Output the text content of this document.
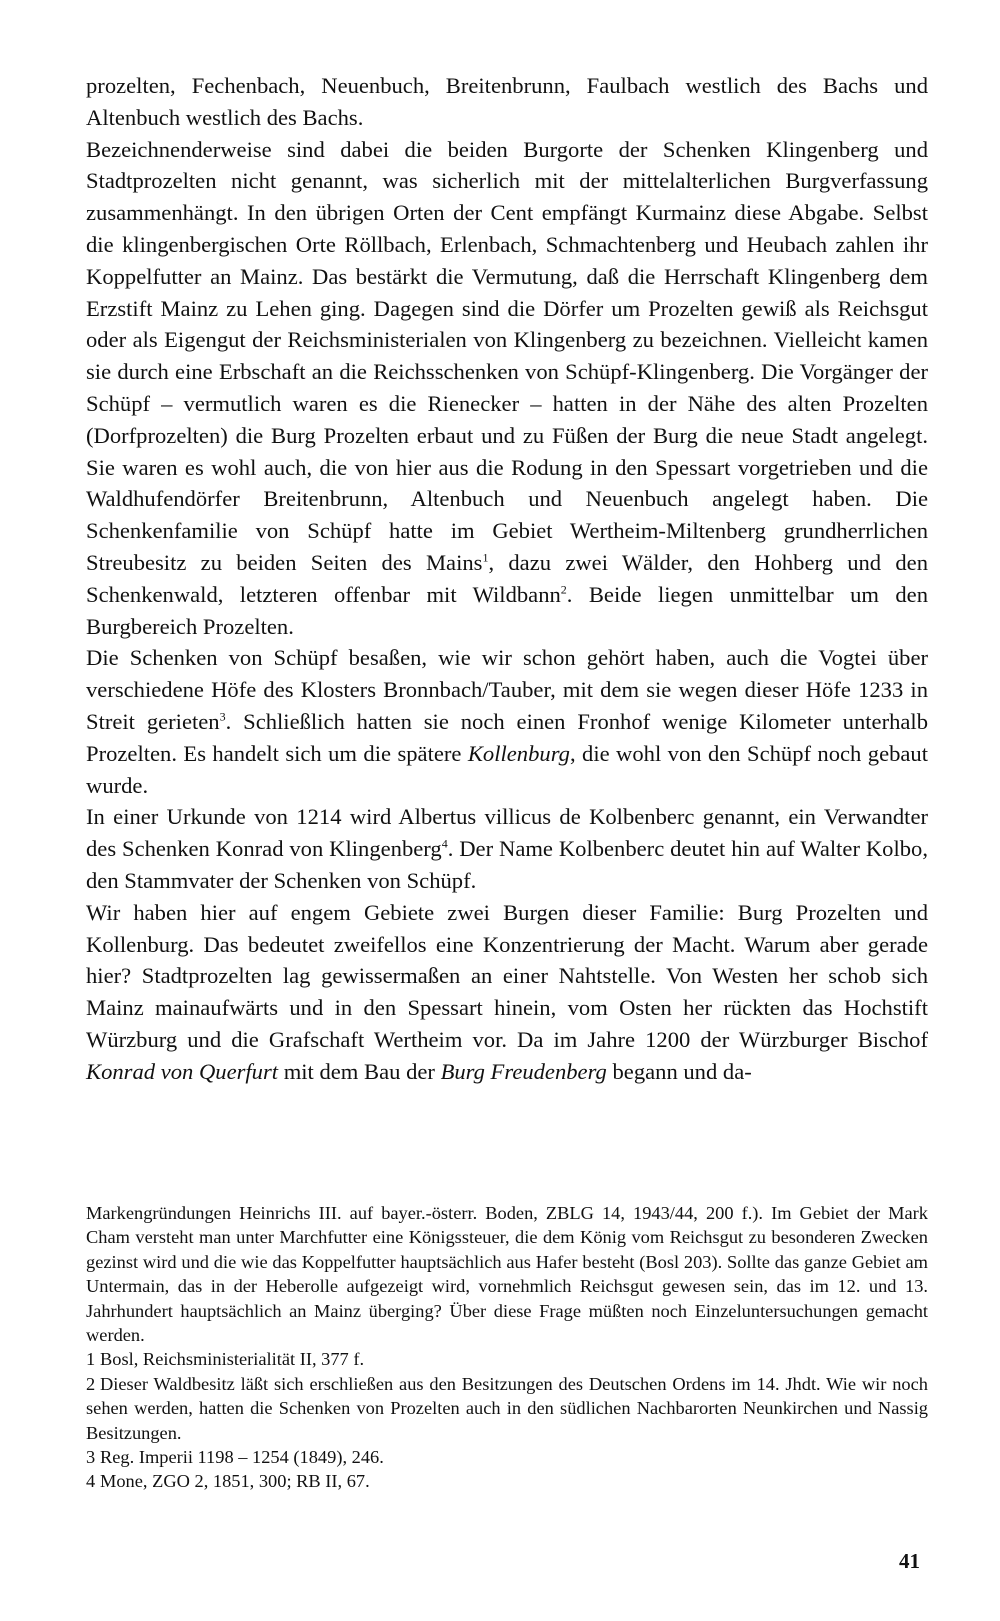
prozelten, Fechenbach, Neuenbuch, Breitenbrunn, Faulbach westlich des Bachs und Altenbuch westlich des Bachs.

Bezeichnenderweise sind dabei die beiden Burgorte der Schenken Klingenberg und Stadtprozelten nicht genannt, was sicherlich mit der mittelalterlichen Burgverfassung zusammenhängt. In den übrigen Orten der Cent empfängt Kurmainz diese Abgabe. Selbst die klingenbergischen Orte Röllbach, Erlenbach, Schmachtenberg und Heubach zahlen ihr Koppelfutter an Mainz. Das bestärkt die Vermutung, daß die Herrschaft Klingenberg dem Erzstift Mainz zu Lehen ging. Dagegen sind die Dörfer um Prozelten gewiß als Reichsgut oder als Eigengut der Reichsministerialen von Klingenberg zu bezeichnen. Vielleicht kamen sie durch eine Erbschaft an die Reichsschenken von Schüpf-Klingenberg. Die Vorgänger der Schüpf – vermutlich waren es die Rienecker – hatten in der Nähe des alten Prozelten (Dorfprozelten) die Burg Prozelten erbaut und zu Füßen der Burg die neue Stadt angelegt. Sie waren es wohl auch, die von hier aus die Rodung in den Spessart vorgetrieben und die Waldhufendörfer Breitenbrunn, Altenbuch und Neuenbuch angelegt haben. Die Schenkenfamilie von Schüpf hatte im Gebiet Wertheim-Miltenberg grundherrlichen Streubesitz zu beiden Seiten des Mains$^1$, dazu zwei Wälder, den Hohberg und den Schenkenwald, letzteren offenbar mit Wildbann$^2$. Beide liegen unmittelbar um den Burgbereich Prozelten.

Die Schenken von Schüpf besaßen, wie wir schon gehört haben, auch die Vogtei über verschiedene Höfe des Klosters Bronnbach/Tauber, mit dem sie wegen dieser Höfe 1233 in Streit gerieten$^3$. Schließlich hatten sie noch einen Fronhof wenige Kilometer unterhalb Prozelten. Es handelt sich um die spätere Kollenburg, die wohl von den Schüpf noch gebaut wurde.

In einer Urkunde von 1214 wird Albertus villicus de Kolbenberc genannt, ein Verwandter des Schenken Konrad von Klingenberg$^4$. Der Name Kolbenberc deutet hin auf Walter Kolbo, den Stammvater der Schenken von Schüpf.

Wir haben hier auf engem Gebiete zwei Burgen dieser Familie: Burg Prozelten und Kollenburg. Das bedeutet zweifellos eine Konzentrierung der Macht. Warum aber gerade hier? Stadtprozelten lag gewissermaßen an einer Nahtstelle. Von Westen her schob sich Mainz mainaufwärts und in den Spessart hinein, vom Osten her rückten das Hochstift Würzburg und die Grafschaft Wertheim vor. Da im Jahre 1200 der Würzburger Bischof Konrad von Querfurt mit dem Bau der Burg Freudenberg begann und da-

Markengründungen Heinrichs III. auf bayer.-österr. Boden, ZBLG 14, 1943/44, 200 f.). Im Gebiet der Mark Cham versteht man unter Marchfutter eine Königssteuer, die dem König vom Reichsgut zu besonderen Zwecken gezinst wird und die wie das Koppelfutter hauptsächlich aus Hafer besteht (Bosl 203). Sollte das ganze Gebiet am Untermain, das in der Heberolle aufgezeigt wird, vornehmlich Reichsgut gewesen sein, das im 12. und 13. Jahrhundert hauptsächlich an Mainz überging? Über diese Frage müßten noch Einzeluntersuchungen gemacht werden.

1 Bosl, Reichsministerialität II, 377 f.

2 Dieser Waldbesitz läßt sich erschließen aus den Besitzungen des Deutschen Ordens im 14. Jhdt. Wie wir noch sehen werden, hatten die Schenken von Prozelten auch in den südlichen Nachbarorten Neunkirchen und Nassig Besitzungen.

3 Reg. Imperii 1198 – 1254 (1849), 246.

4 Mone, ZGO 2, 1851, 300; RB II, 67.

41
